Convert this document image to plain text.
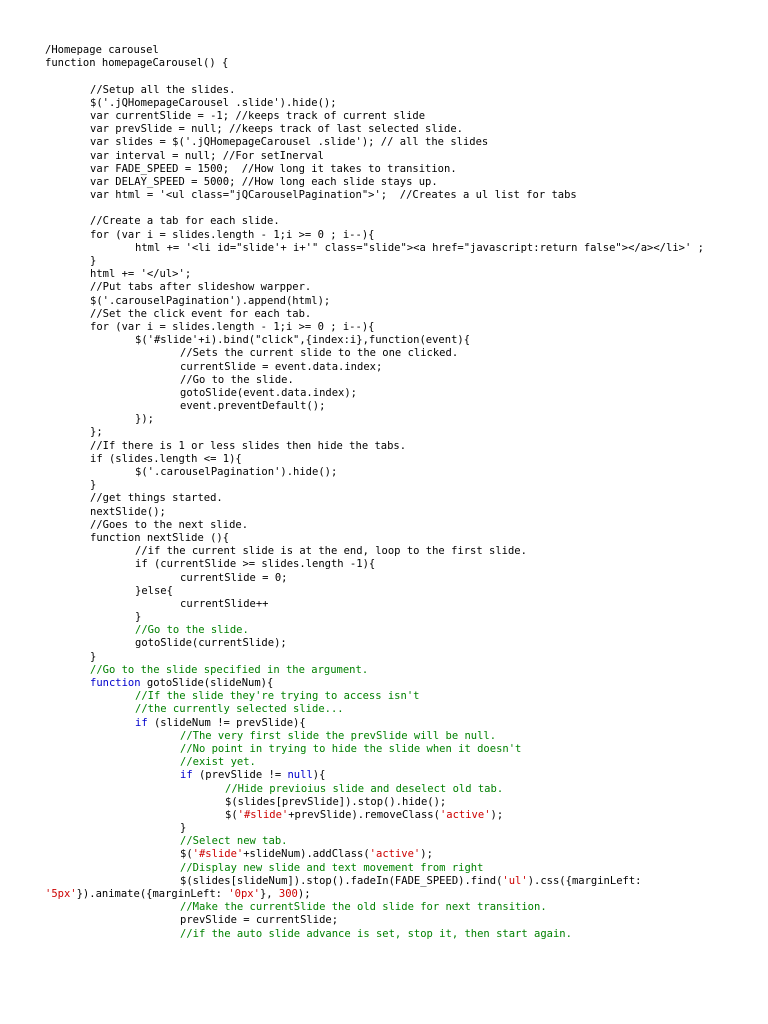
/Homepage carousel
function homepageCarousel() {
//Setup all the slides.
$('.jQHomepageCarousel .slide').hide();
var currentSlide = -1; //keeps track of current slide
var prevSlide = null; //keeps track of last selected slide.
var slides = $('.jQHomepageCarousel .slide'); // all the slides
var interval = null; //For setInerval
var FADE_SPEED = 1500;  //How long it takes to transition.
var DELAY_SPEED = 5000; //How long each slide stays up.
var html = '<ul class="jQCarouselPagination">';  //Creates a ul list for tabs
//Create a tab for each slide.
for (var i = slides.length - 1;i >= 0 ; i--){
html += '<li id="slide'+ i+'" class="slide"><a href="javascript:return false"></a></li>' ;
}
html += '</ul>';
//Put tabs after slideshow warpper.
$('.carouselPagination').append(html);
//Set the click event for each tab.
for (var i = slides.length - 1;i >= 0 ; i--){
$('#slide'+i).bind("click",{index:i},function(event){
//Sets the current slide to the one clicked.
currentSlide = event.data.index;
//Go to the slide.
gotoSlide(event.data.index);
event.preventDefault();
});
};
//If there is 1 or less slides then hide the tabs.
if (slides.length <= 1){
$('.carouselPagination').hide();
}
//get things started.
nextSlide();
//Goes to the next slide.
function nextSlide (){
//if the current slide is at the end, loop to the first slide.
if (currentSlide >= slides.length -1){
currentSlide = 0;
}else{
currentSlide++
}
//Go to the slide.
gotoSlide(currentSlide);
}
//Go to the slide specified in the argument.
function gotoSlide(slideNum){
//If the slide they're trying to access isn't
//the currently selected slide...
if (slideNum != prevSlide){
//The very first slide the prevSlide will be null.
//No point in trying to hide the slide when it doesn't
//exist yet.
if (prevSlide != null){
//Hide previoius slide and deselect old tab.
$(slides[prevSlide]).stop().hide();
$('#slide'+prevSlide).removeClass('active');
}
//Select new tab.
$('#slide'+slideNum).addClass('active');
//Display new slide and text movement from right
$(slides[slideNum]).stop().fadeIn(FADE_SPEED).find('ul').css({marginLeft:
'5px'}).animate({marginLeft: '0px'}, 300);
//Make the currentSlide the old slide for next transition.
prevSlide = currentSlide;
//if the auto slide advance is set, stop it, then start again.
